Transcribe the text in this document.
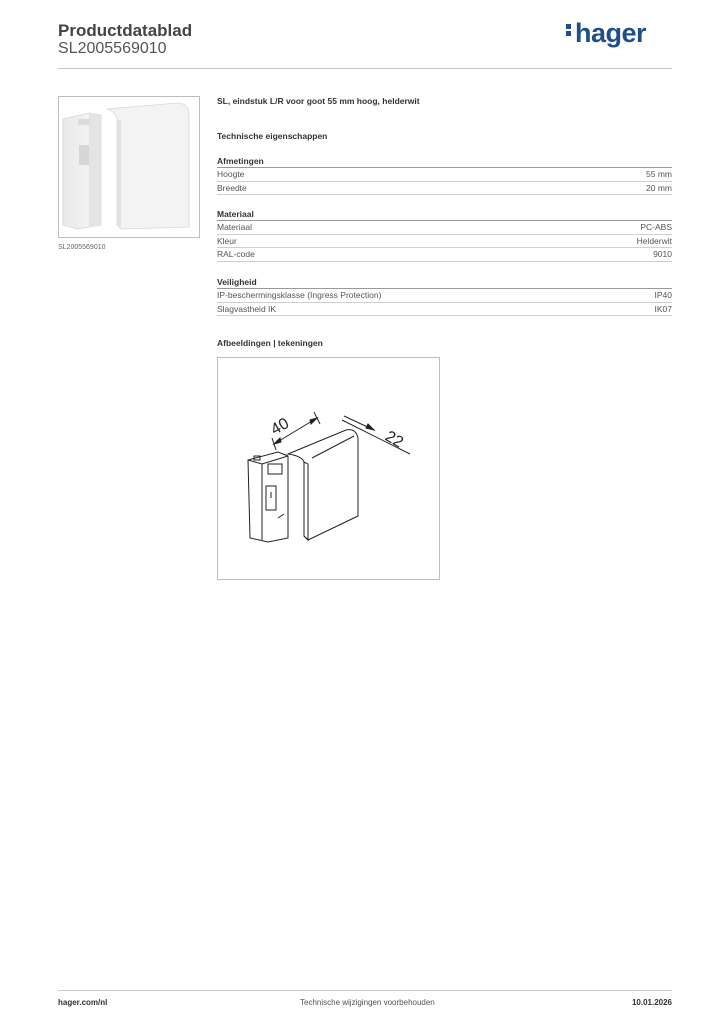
Productdatablad
SL2005569010
hager
SL2005569010
SL, eindstuk L/R voor goot 55 mm hoog, helderwit
Technische eigenschappen
Afmetingen
Hoogte	55 mm
Breedte	20 mm
Materiaal
Materiaal	PC-ABS
Kleur	Helderwit
RAL-code	9010
Veiligheid
IP-beschermingsklasse (Ingress Protection)	IP40
Slagvastheid IK	IK07
Afbeeldingen | tekeningen
40
22
hager.com/nl	Technische wijzigingen voorbehouden	10.01.2026
